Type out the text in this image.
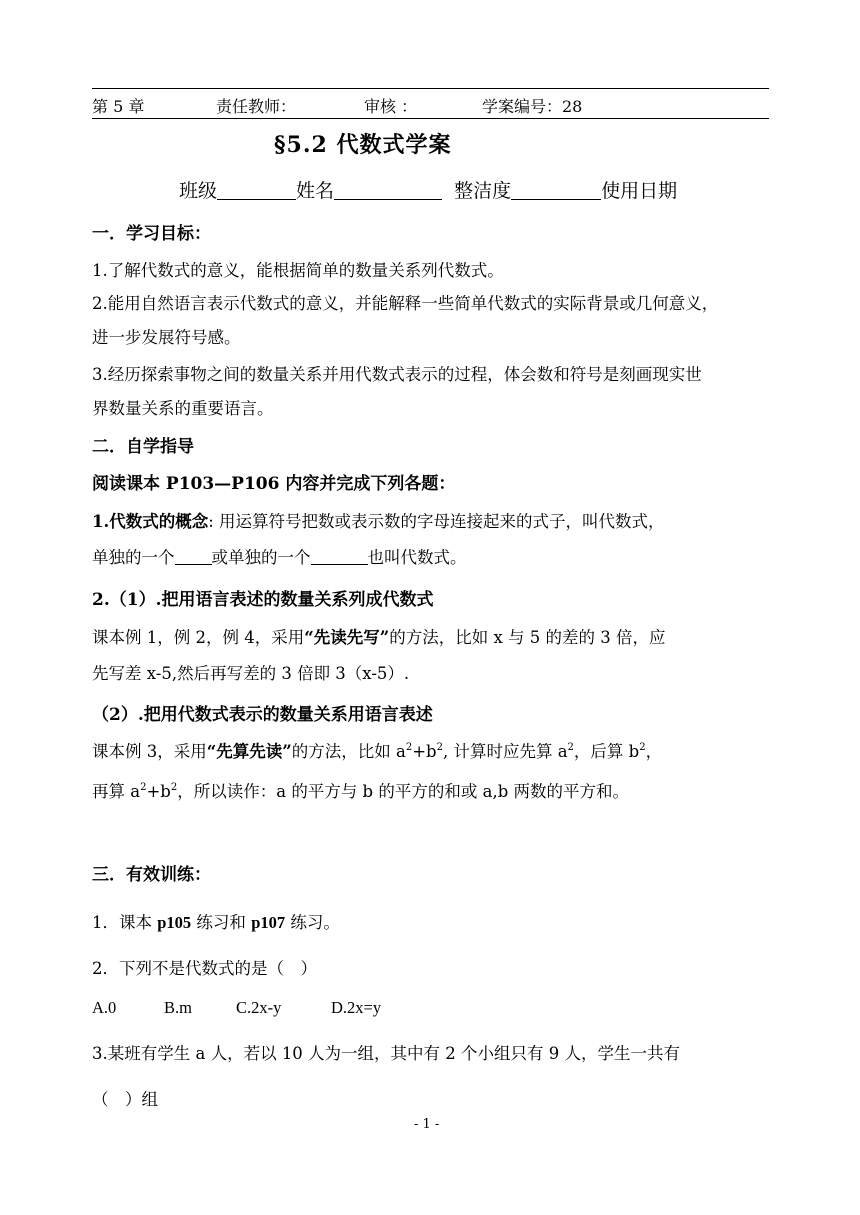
第 5 章	责任教师：	审核 ：	学案编号：28
§5.2 代数式学案
班级	姓名	整洁度	使用日期
一．学习目标：
1.了解代数式的意义，能根据简单的数量关系列代数式。
2.能用自然语言表示代数式的意义，并能解释一些简单代数式的实际背景或几何意义，
进一步发展符号感。
3.经历探索事物之间的数量关系并用代数式表示的过程，体会数和符号是刻画现实世
界数量关系的重要语言。
二．自学指导
阅读课本 P103—P106 内容并完成下列各题：
1.代数式的概念: 用运算符号把数或表示数的字母连接起来的式子，叫代数式，
单独的一个 或单独的一个	也叫代数式。
2.（1）.把用语言表述的数量关系列成代数式
课本例 1，例 2，例 4，采用“先读先写”的方法，比如 x 与 5 的差的 3 倍，应
先写差 x-5,然后再写差的 3 倍即 3（x-5）.
（2）.把用代数式表示的数量关系用语言表述
课本例 3，采用“先算先读”的方法，比如 $a^2+b^2$, 计算时应先算 $a^2$，后算 $b^2$，
再算 $a^2+b^2$，所以读作：a 的平方与 b 的平方的和或 a,b 两数的平方和。
三．有效训练：
1．课本 p105 练习和 p107 练习。
2．下列不是代数式的是（　）
A.0	B.m	C.2x-y	D.2x=y
3.某班有学生 a 人，若以 10 人为一组，其中有 2 个小组只有 9 人，学生一共有
（　）组
- 1 -
